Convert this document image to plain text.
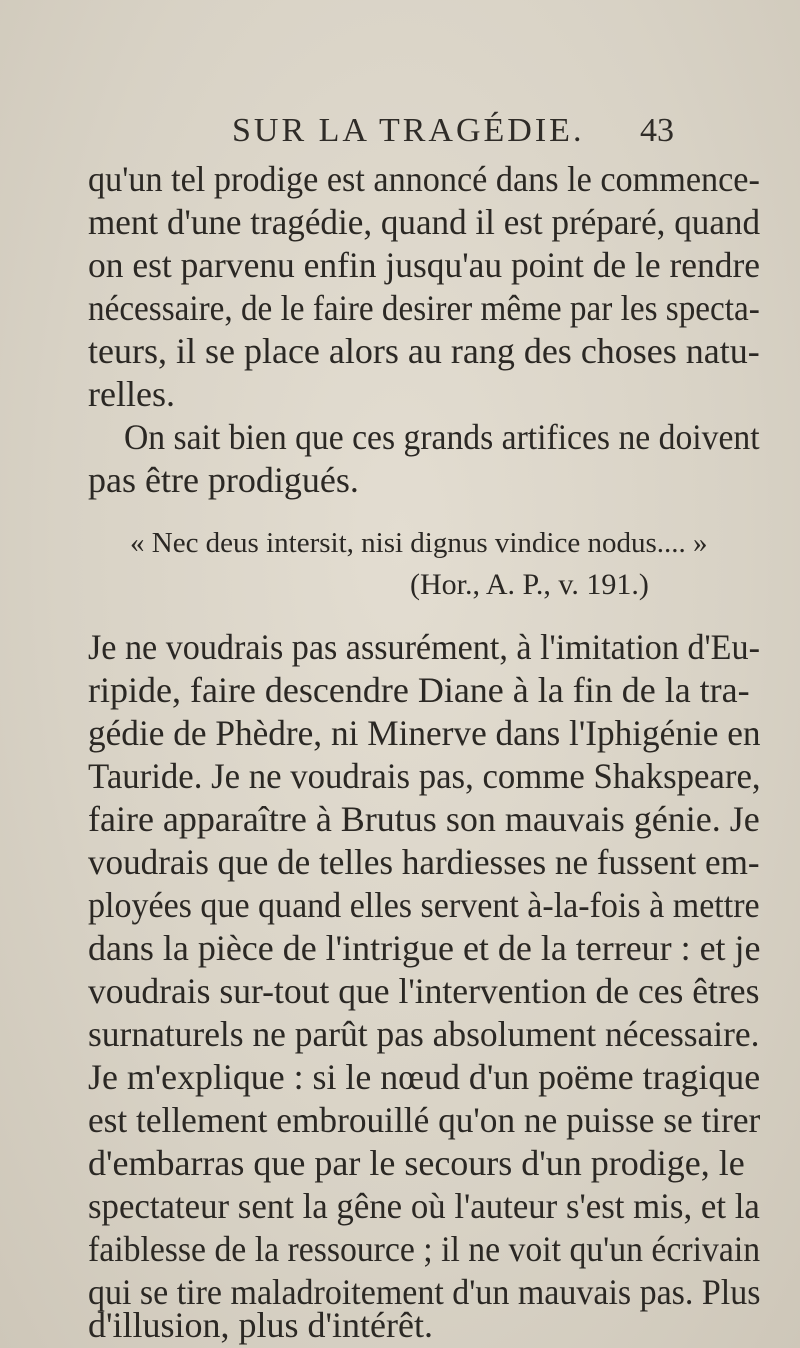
SUR LA TRAGÉDIE. 43
qu'un tel prodige est annoncé dans le commence-
ment d'une tragédie, quand il est préparé, quand
on est parvenu enfin jusqu'au point de le rendre
nécessaire, de le faire desirer même par les specta-
teurs, il se place alors au rang des choses natu-
relles.
On sait bien que ces grands artifices ne doivent
pas être prodigués.
« Nec deus intersit, nisi dignus vindice nodus.... »
(Hor., A. P., v. 191.)
Je ne voudrais pas assurément, à l'imitation d'Eu-
ripide, faire descendre Diane à la fin de la tra-
gédie de Phèdre, ni Minerve dans l'Iphigénie en
Tauride. Je ne voudrais pas, comme Shakspeare,
faire apparaître à Brutus son mauvais génie. Je
voudrais que de telles hardiesses ne fussent em-
ployées que quand elles servent à-la-fois à mettre
dans la pièce de l'intrigue et de la terreur : et je
voudrais sur-tout que l'intervention de ces êtres
surnaturels ne parût pas absolument nécessaire.
Je m'explique : si le nœud d'un poëme tragique
est tellement embrouillé qu'on ne puisse se tirer
d'embarras que par le secours d'un prodige, le
spectateur sent la gêne où l'auteur s'est mis, et la
faiblesse de la ressource ; il ne voit qu'un écrivain
qui se tire maladroitement d'un mauvais pas. Plus
d'illusion, plus d'intérêt.
